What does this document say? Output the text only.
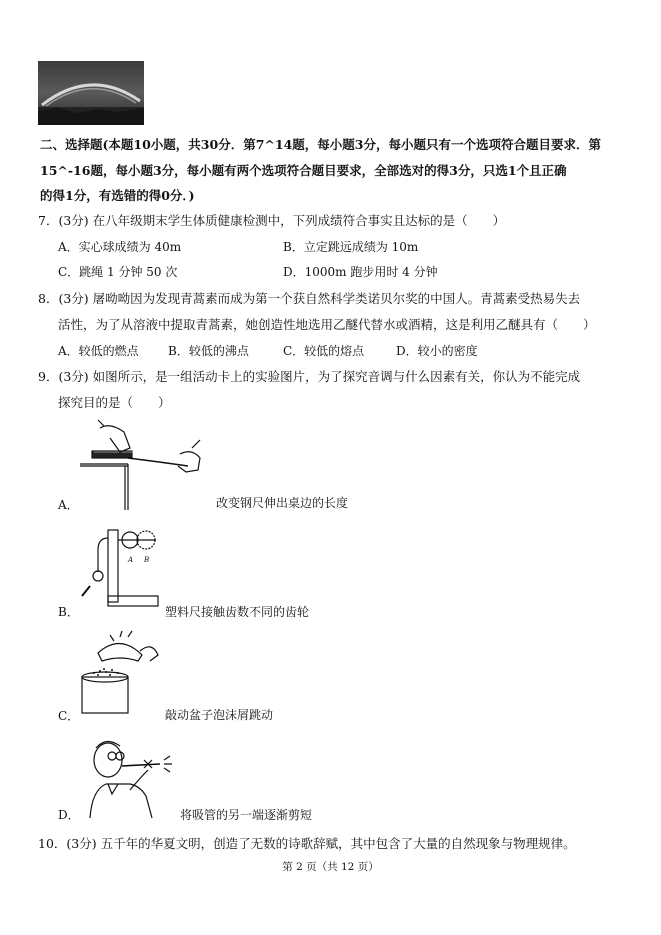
二、选择题(本题10小题，共30分．第7^14题，每小题3分，每小题只有一个选项符合题目要求．第
15^-16题，每小题3分，每小题有两个选项符合题目要求，全部选对的得3分，只选1个且正确
的得1分，有选错的得0分．)
7．(3分) 在八年级期末学生体质健康检测中，下列成绩符合事实且达标的是（　　）
A．实心球成绩为 40m	B．立定跳远成绩为 10m
C．跳绳 1 分钟 50 次	D．1000m 跑步用时 4 分钟
8．(3分) 屠呦呦因为发现青蒿素而成为第一个获自然科学类诺贝尔奖的中国人。青蒿素受热易失去
活性，为了从溶液中提取青蒿素，她创造性地选用乙醚代替水或酒精，这是利用乙醚具有（　　）
A．较低的燃点 B．较低的沸点	C．较低的熔点	D．较小的密度
9．(3分) 如图所示，是一组活动卡上的实验图片，为了探究音调与什么因素有关，你认为不能完成
探究目的是（　　）
A．	改变钢尺伸出桌边的长度
A B
B．	塑料尺接触齿数不同的齿轮
C．	敲动盆子泡沫屑跳动
D．	将吸管的另一端逐渐剪短
10．(3分) 五千年的华夏文明，创造了无数的诗歌辞赋，其中包含了大量的自然现象与物理规律。
第 2 页（共 12 页）
